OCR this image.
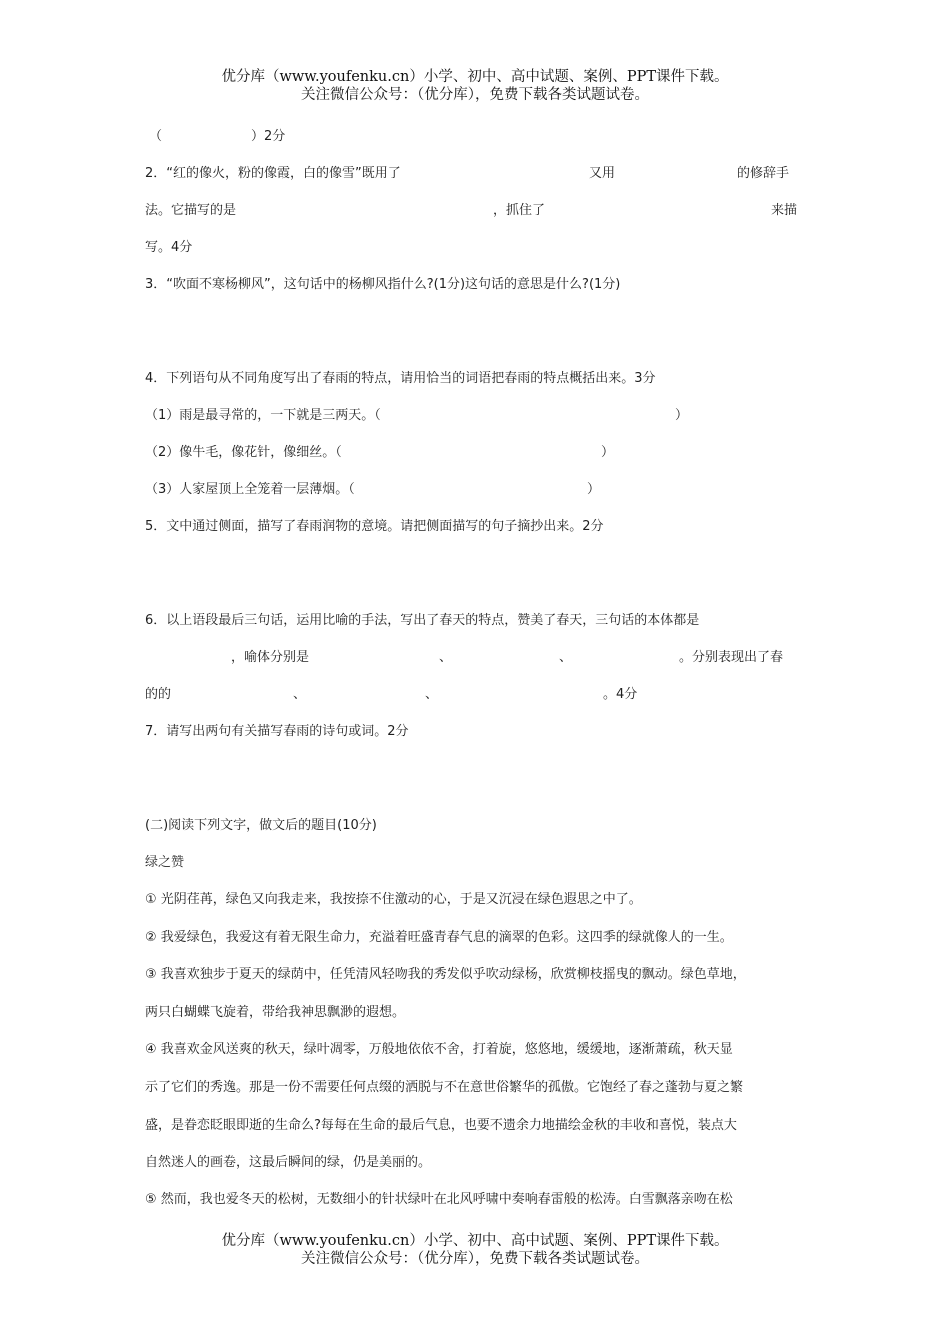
优分库（www.youfenku.cn）小学、初中、高中试题、案例、PPT课件下载。
关注微信公众号：（优分库），免费下载各类试题试卷。
（	）2分
2．“红的像火，粉的像霞，白的像雪”既用了	又用	的修辞手
法。它描写的是	，抓住了	来描
写。4分
3．“吹面不寒杨柳风”，这句话中的杨柳风指什么?(1分)这句话的意思是什么?(1分)
4．下列语句从不同角度写出了春雨的特点，请用恰当的词语把春雨的特点概括出来。3分
（1）雨是最寻常的，一下就是三两天。（	）
（2）像牛毛，像花针，像细丝。（	）
（3）人家屋顶上全笼着一层薄烟。（	）
5．文中通过侧面，描写了春雨润物的意境。请把侧面描写的句子摘抄出来。2分
6．以上语段最后三句话，运用比喻的手法，写出了春天的特点，赞美了春天，三句话的本体都是
，喻体分别是	、	、	。分别表现出了春
的的	、	、	。4分
7．请写出两句有关描写春雨的诗句或词。2分
(二)阅读下列文字，做文后的题目(10分)
绿之赞
① 光阴荏苒，绿色又向我走来，我按捺不住激动的心，于是又沉浸在绿色遐思之中了。
② 我爱绿色，我爱这有着无限生命力，充溢着旺盛青春气息的滴翠的色彩。这四季的绿就像人的一生。
③ 我喜欢独步于夏天的绿荫中，任凭清风轻吻我的秀发似乎吹动绿杨，欣赏柳枝摇曳的飘动。绿色草地，
两只白蝴蝶飞旋着，带给我神思飘渺的遐想。
④ 我喜欢金风送爽的秋天，绿叶凋零，万般地依依不舍，打着旋，悠悠地，缓缓地，逐渐萧疏，秋天显
示了它们的秀逸。那是一份不需要任何点缀的洒脱与不在意世俗繁华的孤傲。它饱经了春之蓬勃与夏之繁
盛，是眷恋眨眼即逝的生命么?每每在生命的最后气息，也要不遗余力地描绘金秋的丰收和喜悦，装点大
自然迷人的画卷，这最后瞬间的绿，仍是美丽的。
⑤ 然而，我也爱冬天的松树，无数细小的针状绿叶在北风呼啸中奏响春雷般的松涛。白雪飘落亲吻在松
优分库（www.youfenku.cn）小学、初中、高中试题、案例、PPT课件下载。
关注微信公众号：（优分库），免费下载各类试题试卷。
